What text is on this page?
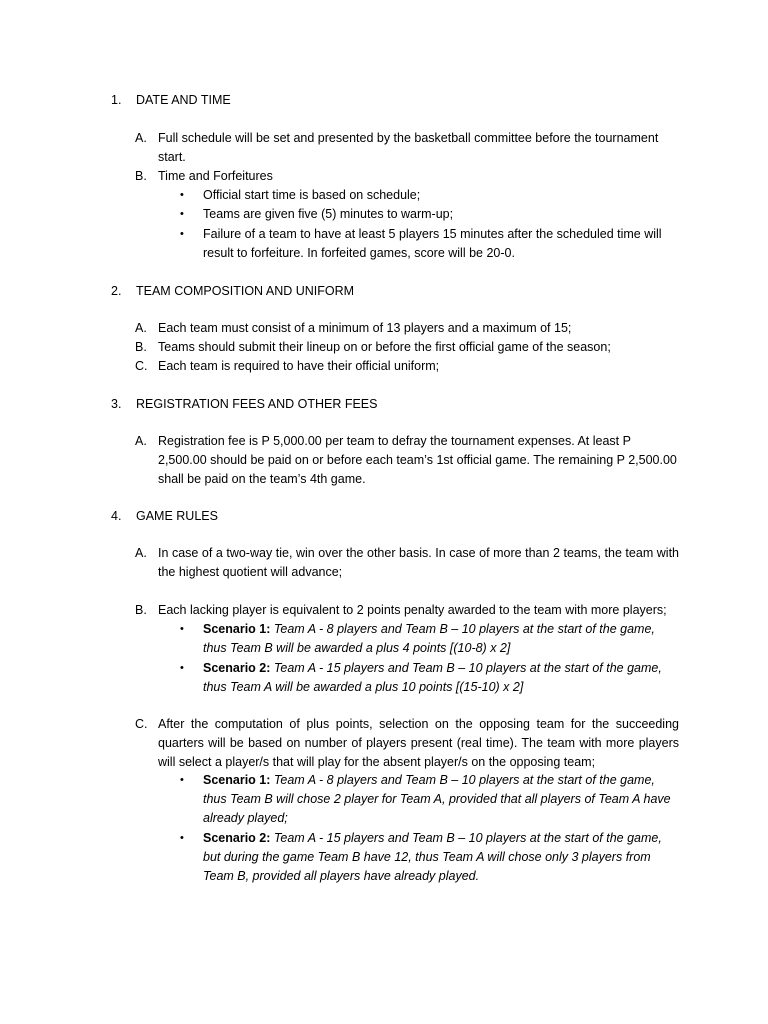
1. DATE AND TIME
A. Full schedule will be set and presented by the basketball committee before the tournament start.
B. Time and Forfeitures
• Official start time is based on schedule;
• Teams are given five (5) minutes to warm-up;
• Failure of a team to have at least 5 players 15 minutes after the scheduled time will result to forfeiture. In forfeited games, score will be 20-0.
2. TEAM COMPOSITION AND UNIFORM
A. Each team must consist of a minimum of 13 players and a maximum of 15;
B. Teams should submit their lineup on or before the first official game of the season;
C. Each team is required to have their official uniform;
3. REGISTRATION FEES AND OTHER FEES
A. Registration fee is P 5,000.00 per team to defray the tournament expenses. At least P 2,500.00 should be paid on or before each team’s 1st official game. The remaining P 2,500.00 shall be paid on the team’s 4th game.
4. GAME RULES
A. In case of a two-way tie, win over the other basis. In case of more than 2 teams, the team with the highest quotient will advance;
B. Each lacking player is equivalent to 2 points penalty awarded to the team with more players;
• Scenario 1: Team A - 8 players and Team B – 10 players at the start of the game, thus Team B will be awarded a plus 4 points [(10-8) x 2]
• Scenario 2: Team A - 15 players and Team B – 10 players at the start of the game, thus Team A will be awarded a plus 10 points [(15-10) x 2]
C. After the computation of plus points, selection on the opposing team for the succeeding quarters will be based on number of players present (real time). The team with more players will select a player/s that will play for the absent player/s on the opposing team;
• Scenario 1: Team A - 8 players and Team B – 10 players at the start of the game, thus Team B will chose 2 player for Team A, provided that all players of Team A have already played;
• Scenario 2: Team A - 15 players and Team B – 10 players at the start of the game, but during the game Team B have 12, thus Team A will chose only 3 players from Team B, provided all players have already played.
